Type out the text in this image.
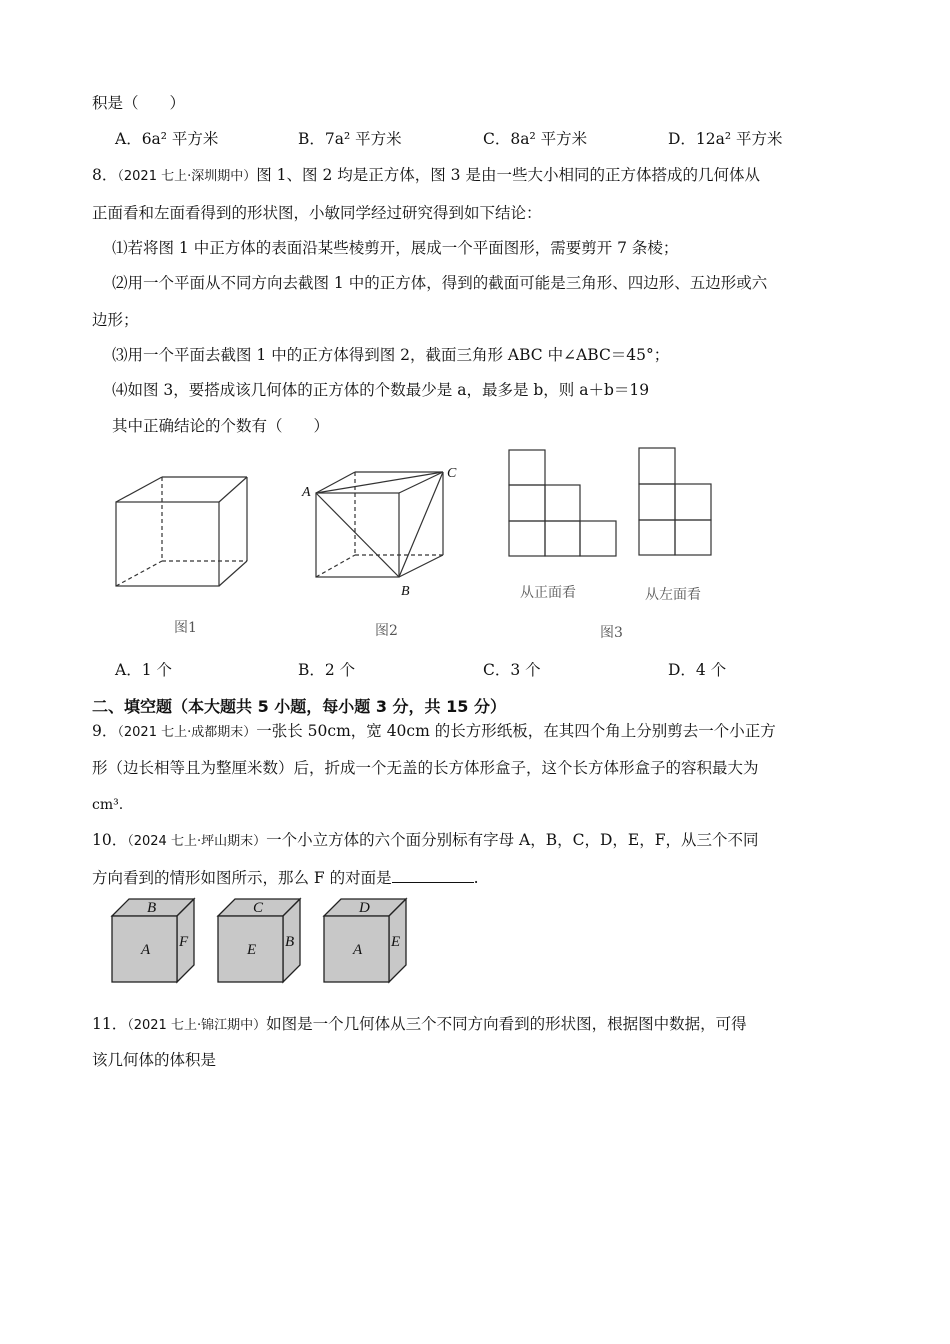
积是（　　）
A．6a² 平方米	B．7a² 平方米	C．8a² 平方米	D．12a² 平方米
8．（2021 七上·深圳期中）图 1、图 2 均是正方体，图 3 是由一些大小相同的正方体搭成的几何体从
正面看和左面看得到的形状图，小敏同学经过研究得到如下结论：
⑴若将图 1 中正方体的表面沿某些棱剪开，展成一个平面图形，需要剪开 7 条棱；
⑵用一个平面从不同方向去截图 1 中的正方体，得到的截面可能是三角形、四边形、五边形或六
边形；
⑶用一个平面去截图 1 中的正方体得到图 2，截面三角形 ABC 中∠ABC＝45°；
⑷如图 3，要搭成该几何体的正方体的个数最少是 a，最多是 b，则 a＋b＝19
其中正确结论的个数有（　　）
图1
A
C
B
图2
从正面看	从左面看
图3
A．1 个	B．2 个	C．3 个	D．4 个
二、填空题（本大题共 5 小题，每小题 3 分，共 15 分）
9．（2021 七上·成都期末）一张长 50cm，宽 40cm 的长方形纸板，在其四个角上分别剪去一个小正方
形（边长相等且为整厘米数）后，折成一个无盖的长方体形盒子，这个长方体形盒子的容积最大为
cm³.
10．（2024 七上·坪山期末）一个小立方体的六个面分别标有字母 A，B，C，D，E，F，从三个不同
方向看到的情形如图所示，那么 F 的对面是	.
B
A F
C
E B
D
A E
11．（2021 七上·锦江期中）如图是一个几何体从三个不同方向看到的形状图，根据图中数据，可得
该几何体的体积是
